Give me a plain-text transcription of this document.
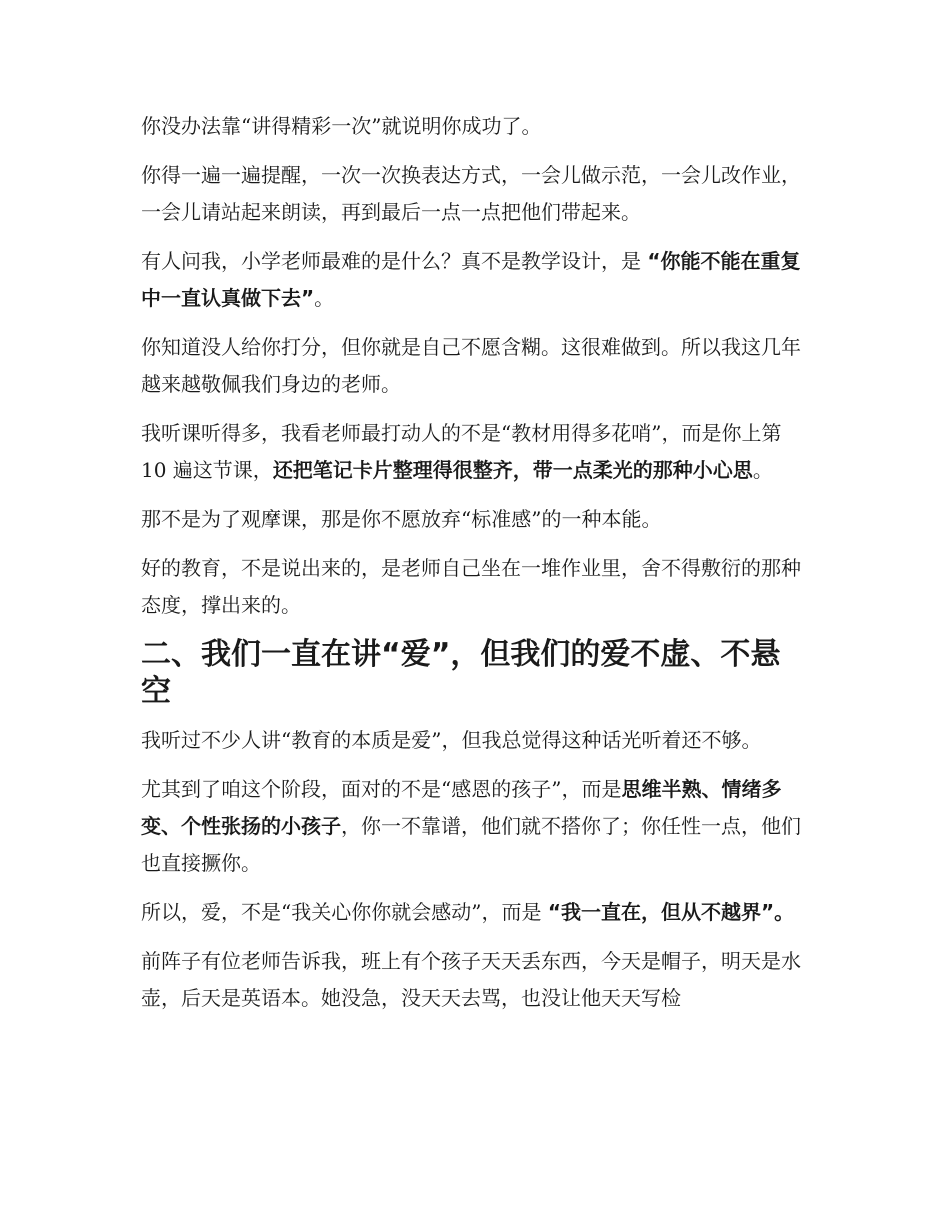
你没办法靠“讲得精彩一次”就说明你成功了。

你得一遍一遍提醒，一次一次换表达方式，一会儿做示范，一会儿改作业，一会儿请站起来朗读，再到最后一点一点把他们带起来。

有人问我，小学老师最难的是什么？真不是教学设计，是 “你能不能在重复中一直认真做下去”。

你知道没人给你打分，但你就是自己不愿含糊。这很难做到。所以我这几年越来越敬佩我们身边的老师。

我听课听得多，我看老师最打动人的不是“教材用得多花哨”，而是你上第 10 遍这节课，还把笔记卡片整理得很整齐，带一点柔光的那种小心思。

那不是为了观摩课，那是你不愿放弃“标准感”的一种本能。

好的教育，不是说出来的，是老师自己坐在一堆作业里，舍不得敷衍的那种态度，撑出来的。

二、我们一直在讲“爱”，但我们的爱不虚、不悬空

我听过不少人讲“教育的本质是爱”，但我总觉得这种话光听着还不够。

尤其到了咱这个阶段，面对的不是“感恩的孩子”，而是思维半熟、情绪多变、个性张扬的小孩子，你一不靠谱，他们就不搭你了；你任性一点，他们也直接撅你。

所以，爱，不是“我关心你你就会感动”，而是 “我一直在，但从不越界”。

前阵子有位老师告诉我，班上有个孩子天天丢东西，今天是帽子，明天是水壶，后天是英语本。她没急，没天天去骂，也没让他天天写检
